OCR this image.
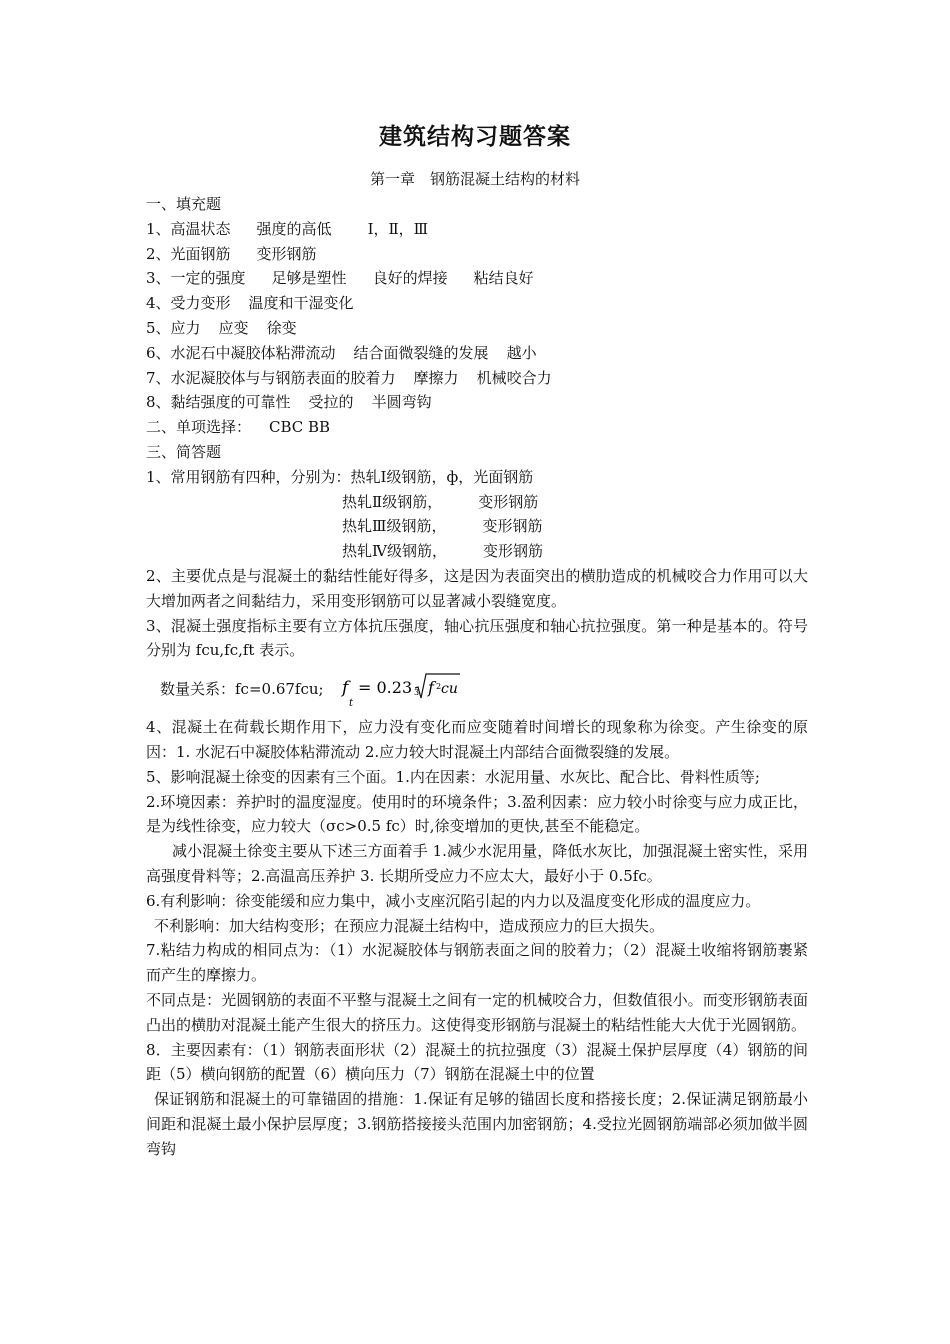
建筑结构习题答案
第一章　钢筋混凝土结构的材料
一、填充题
1、高温状态 强度的高低 Ⅰ，Ⅱ，Ⅲ
2、光面钢筋 变形钢筋
3、一定的强度 足够是塑性 良好的焊接 粘结良好
4、受力变形 温度和干湿变化
5、应力 应变 徐变
6、水泥石中凝胶体粘滞流动 结合面微裂缝的发展 越小
7、水泥凝胶体与与钢筋表面的胶着力 摩擦力 机械咬合力
8、黏结强度的可靠性 受拉的 半圆弯钩
二、单项选择： CBC BB
三、简答题
1、常用钢筋有四种，分别为：热轧Ⅰ级钢筋，ф，光面钢筋
热轧Ⅱ级钢筋， 变形钢筋
热轧Ⅲ级钢筋， 变形钢筋
热轧Ⅳ级钢筋， 变形钢筋
2、主要优点是与混凝土的黏结性能好得多，这是因为表面突出的横肋造成的机械咬合力作用可以大大增加两者之间黏结力，采用变形钢筋可以显著减小裂缝宽度。
3、混凝土强度指标主要有立方体抗压强度，轴心抗压强度和轴心抗拉强度。第一种是基本的。符号分别为 fcu,fc,ft 表示。
数量关系：fc=0.67fcu; f
t
= 0.23 3 f 2 cu
4、混凝土在荷载长期作用下，应力没有变化而应变随着时间增长的现象称为徐变。产生徐变的原因：1. 水泥石中凝胶体粘滞流动 2.应力较大时混凝土内部结合面微裂缝的发展。
5、影响混凝土徐变的因素有三个面。1.内在因素：水泥用量、水灰比、配合比、骨料性质等;
2.环境因素：养护时的温度湿度。使用时的环境条件；3.盈利因素：应力较小时徐变与应力成正比，是为线性徐变，应力较大（σc>0.5 fc）时,徐变增加的更快,甚至不能稳定。
减小混凝土徐变主要从下述三方面着手 1.减少水泥用量，降低水灰比，加强混凝土密实性，采用高强度骨料等；2.高温高压养护 3. 长期所受应力不应太大，最好小于 0.5fc。
6.有利影响：徐变能缓和应力集中，减小支座沉陷引起的内力以及温度变化形成的温度应力。
不利影响：加大结构变形；在预应力混凝土结构中，造成预应力的巨大损失。
7.粘结力构成的相同点为：（1）水泥凝胶体与钢筋表面之间的胶着力；（2）混凝土收缩将钢筋裹紧而产生的摩擦力。
不同点是：光圆钢筋的表面不平整与混凝土之间有一定的机械咬合力，但数值很小。而变形钢筋表面凸出的横肋对混凝土能产生很大的挤压力。这使得变形钢筋与混凝土的粘结性能大大优于光圆钢筋。
8．主要因素有：（1）钢筋表面形状（2）混凝土的抗拉强度（3）混凝土保护层厚度（4）钢筋的间距（5）横向钢筋的配置（6）横向压力（7）钢筋在混凝土中的位置
保证钢筋和混凝土的可靠锚固的措施：1.保证有足够的锚固长度和搭接长度；2.保证满足钢筋最小间距和混凝土最小保护层厚度；3.钢筋搭接接头范围内加密钢筋；4.受拉光圆钢筋端部必须加做半圆弯钩
